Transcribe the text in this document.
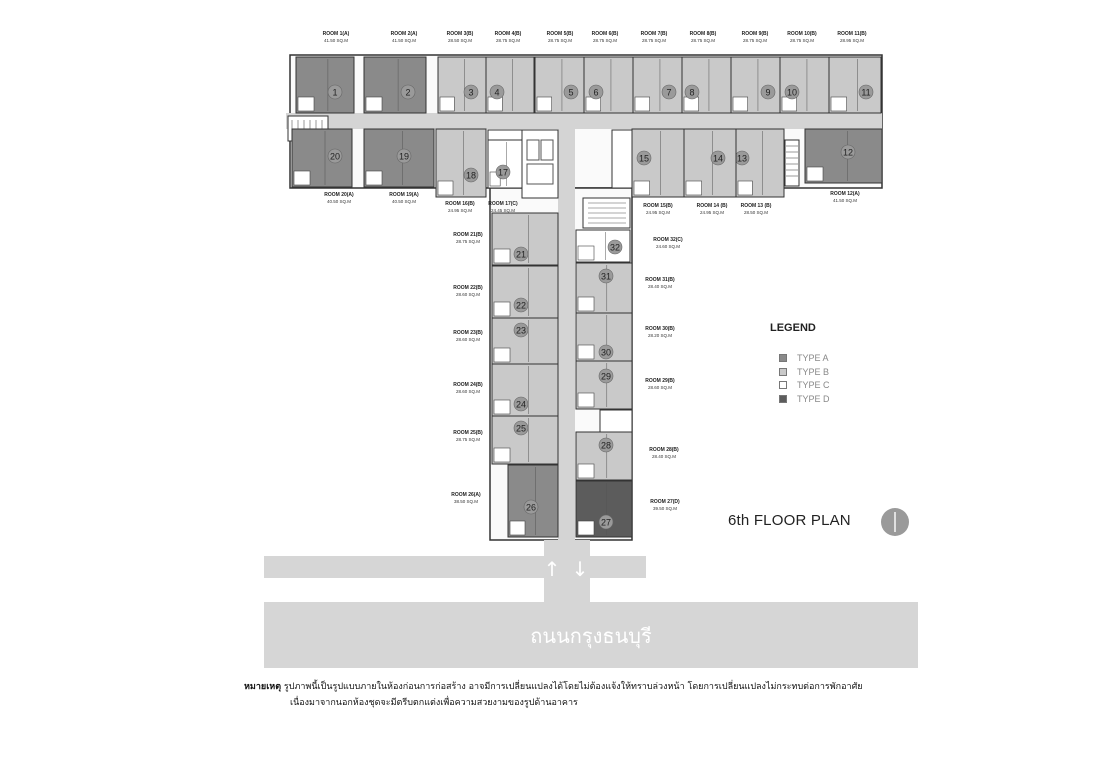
1	2	3 4	5 6	7 8	9 10	11
12
13
14
15
17
19
20
21
22
23
24
25
26
27
28
29
30
31
32
18
ROOM 1(A)
41.50 SQ.M
ROOM 2(A)
41.50 SQ.M
ROOM 3(B)
28.50 SQ.M
ROOM 4(B)
28.75 SQ.M
ROOM 5(B)
28.75 SQ.M
ROOM 6(B)
28.75 SQ.M
ROOM 7(B)
28.75 SQ.M
ROOM 8(B)
28.75 SQ.M
ROOM 9(B)
28.75 SQ.M
ROOM 10(B)
28.75 SQ.M
ROOM 11(B)
28.95 SQ.M
ROOM 12(A)
41.50 SQ.M
ROOM 13 (B)
28.50 SQ.M
ROOM 14 (B)
24.95 SQ.M
ROOM 15(B)
24.95 SQ.M
ROOM 16(B)
24.95 SQ.M
ROOM 17(C)
24.45 SQ.M
ROOM 19(A)
40.50 SQ.M
ROOM 20(A)
40.50 SQ.M
ROOM 21(B)
28.75 SQ.M
ROOM 22(B)
28.60 SQ.M
ROOM 23(B)
28.60 SQ.M
ROOM 24(B)
28.60 SQ.M
ROOM 25(B)
28.75 SQ.M
ROOM 26(A)
38.50 SQ.M	ROOM 27(D)
39.50 SQ.M
ROOM 28(B)
28.40 SQ.M
ROOM 29(B)
28.60 SQ.M
ROOM 30(B)
28.20 SQ.M
ROOM 31(B)
28.40 SQ.M
ROOM 32(C)
24.60 SQ.M
↑ ↓
LEGEND
TYPE A
TYPE B
TYPE C
TYPE D
6th FLOOR PLAN
ถนนกรุงธนบุรี
หมายเหตุ รูปภาพนี้เป็นรูปแบบภายในห้องก่อนการก่อสร้าง อาจมีการเปลี่ยนแปลงได้โดยไม่ต้องแจ้งให้ทราบล่วงหน้า โดยการเปลี่ยนแปลงไม่กระทบต่อการพักอาศัย
เนื่องมาจากนอกห้องชุดจะมีตรีบตกแต่งเพื่อความสวยงามของรูปด้านอาคาร
